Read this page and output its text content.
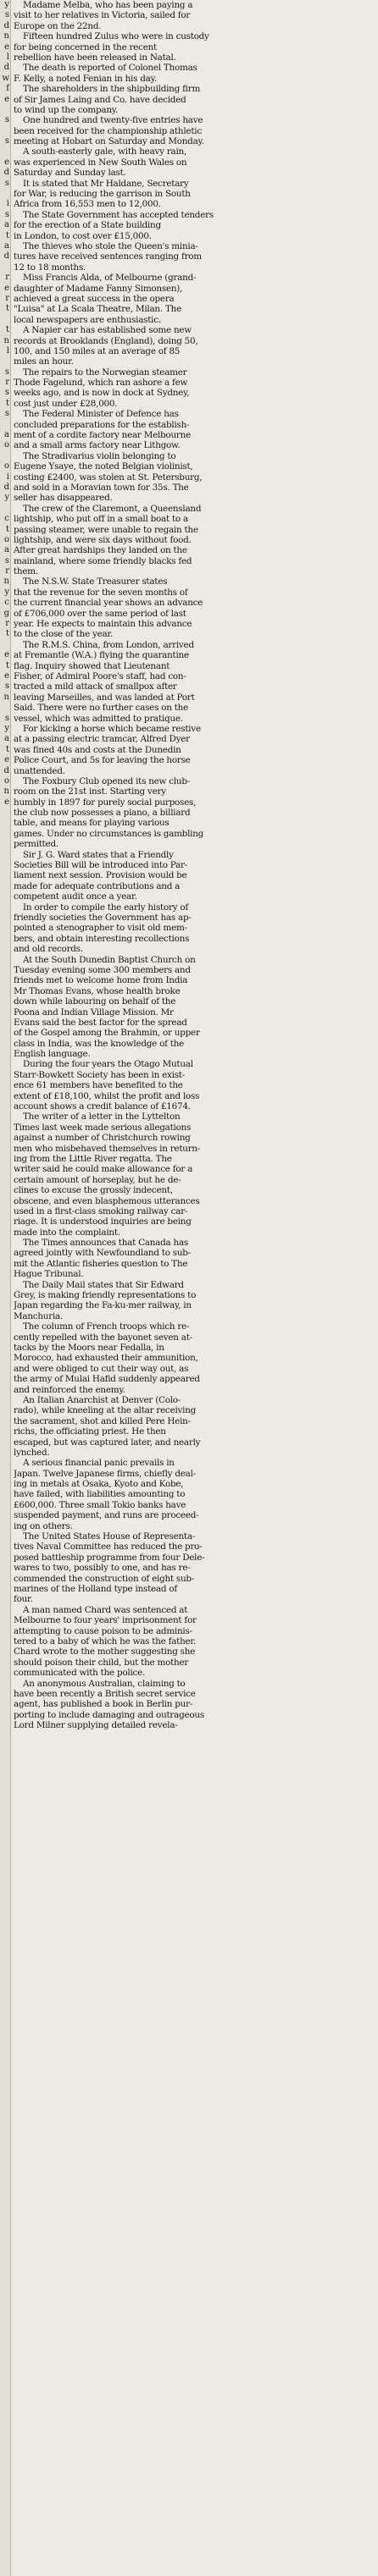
y
s
d
n
e
l
d
w
f
e
s
s
e
d
s
i
s
a
t
a
d
r
e
r
t
t
n
l
s
r
s
t
s
a
o
o
i
d
y
c
t
o
a
s
r
n
y
c
g
r
t
e
t
e
s
n
s
y
a
t
e
d
o
n
e
Madame Melba, who has been paying a
visit to her relatives in Victoria, sailed for
Europe on the 22nd.
Fifteen hundred Zulus who were in custody
for being concerned in the recent
rebellion have been released in Natal.
The death is reported of Colonel Thomas
F. Kelly, a noted Fenian in his day.
The shareholders in the shipbuilding firm
of Sir James Laing and Co. have decided
to wind up the company.
One hundred and twenty-five entries have
been received for the championship athletic
meeting at Hobart on Saturday and Monday.
A south-easterly gale, with heavy rain,
was experienced in New South Wales on
Saturday and Sunday last.
It is stated that Mr Haldane, Secretary
for War, is reducing the garrison in South
Africa from 16,553 men to 12,000.
The State Government has accepted tenders
for the erection of a State building
in London, to cost over £15,000.
The thieves who stole the Queen's minia-
tures have received sentences ranging from
12 to 18 months.
Miss Francis Alda, of Melbourne (grand-
daughter of Madame Fanny Simonsen),
achieved a great success in the opera
"Luisa" at La Scala Theatre, Milan. The
local newspapers are enthusiastic.
A Napier car has established some new
records at Brooklands (England), doing 50,
100, and 150 miles at an average of 85
miles an hour.
The repairs to the Norwegian steamer
Thode Fagelund, which ran ashore a few
weeks ago, and is now in dock at Sydney,
cost just under £28,000.
The Federal Minister of Defence has
concluded preparations for the establish-
ment of a cordite factory near Melbourne
and a small arms factory near Lithgow.
The Stradivarius violin belonging to
Eugene Ysaye, the noted Belgian violinist,
costing £2400, was stolen at St. Petersburg,
and sold in a Moravian town for 35s. The
seller has disappeared.
The crew of the Claremont, a Queensland
lightship, who put off in a small boat to a
passing steamer, were unable to regain the
lightship, and were six days without food.
After great hardships they landed on the
mainland, where some friendly blacks fed
them.
The N.S.W. State Treasurer states
that the revenue for the seven months of
the current financial year shows an advance
of £706,000 over the same period of last
year. He expects to maintain this advance
to the close of the year.
The R.M.S. China, from London, arrived
at Fremantle (W.A.) flying the quarantine
flag. Inquiry showed that Lieutenant
Fisher, of Admiral Poore's staff, had con-
tracted a mild attack of smallpox after
leaving Marseilles, and was landed at Port
Said. There were no further cases on the
vessel, which was admitted to pratique.
For kicking a horse which became restive
at a passing electric tramcar, Alfred Dyer
was fined 40s and costs at the Dunedin
Police Court, and 5s for leaving the horse
unattended.
The Foxbury Club opened its new club-
room on the 21st inst. Starting very
humbly in 1897 for purely social purposes,
the club now possesses a piano, a billiard
table, and means for playing various
games. Under no circumstances is gambling
permitted.
Sir J. G. Ward states that a Friendly
Societies Bill will be introduced into Par-
liament next session. Provision would be
made for adequate contributions and a
competent audit once a year.
In order to compile the early history of
friendly societies the Government has ap-
pointed a stenographer to visit old mem-
bers, and obtain interesting recollections
and old records.
At the South Dunedin Baptist Church on
Tuesday evening some 300 members and
friends met to welcome home from India
Mr Thomas Evans, whose health broke
down while labouring on behalf of the
Poona and Indian Village Mission. Mr
Evans said the best factor for the spread
of the Gospel among the Brahmin, or upper
class in India, was the knowledge of the
English language.
During the four years the Otago Mutual
Starr-Bowkett Society has been in exist-
ence 61 members have benefited to the
extent of £18,100, whilst the profit and loss
account shows a credit balance of £1674.
The writer of a letter in the Lyttelton
Times last week made serious allegations
against a number of Christchurch rowing
men who misbehaved themselves in return-
ing from the Little River regatta. The
writer said he could make allowance for a
certain amount of horseplay, but he de-
clines to excuse the grossly indecent,
obscene, and even blasphemous utterances
used in a first-class smoking railway car-
riage. It is understood inquiries are being
made into the complaint.
The Times announces that Canada has
agreed jointly with Newfoundland to sub-
mit the Atlantic fisheries question to The
Hague Tribunal.
The Daily Mail states that Sir Edward
Grey, is making friendly representations to
Japan regarding the Fa-ku-mer railway, in
Manchuria.
The column of French troops which re-
cently repelled with the bayonet seven at-
tacks by the Moors near Fedalla, in
Morocco, had exhausted their ammunition,
and were obliged to cut their way out, as
the army of Mulai Hafid suddenly appeared
and reinforced the enemy.
An Italian Anarchist at Denver (Colo-
rado), while kneeling at the altar receiving
the sacrament, shot and killed Pere Hein-
richs, the officiating priest. He then
escaped, but was captured later, and nearly
lynched.
A serious financial panic prevails in
Japan. Twelve Japanese firms, chiefly deal-
ing in metals at Osaka, Kyoto and Kobe,
have failed, with liabilities amounting to
£600,000. Three small Tokio banks have
suspended payment, and runs are proceed-
ing on others.
The United States House of Representa-
tives Naval Committee has reduced the pro-
posed battleship programme from four Dele-
wares to two, possibly to one, and has re-
commended the construction of eight sub-
marines of the Holland type instead of
four.
A man named Chard was sentenced at
Melbourne to four years' imprisonment for
attempting to cause poison to be adminis-
tered to a baby of which he was the father.
Chard wrote to the mother suggesting she
should poison their child, but the mother
communicated with the police.
An anonymous Australian, claiming to
have been recently a British secret service
agent, has published a book in Berlin pur-
porting to include damaging and outrageous
Lord Milner supplying detailed revela-
